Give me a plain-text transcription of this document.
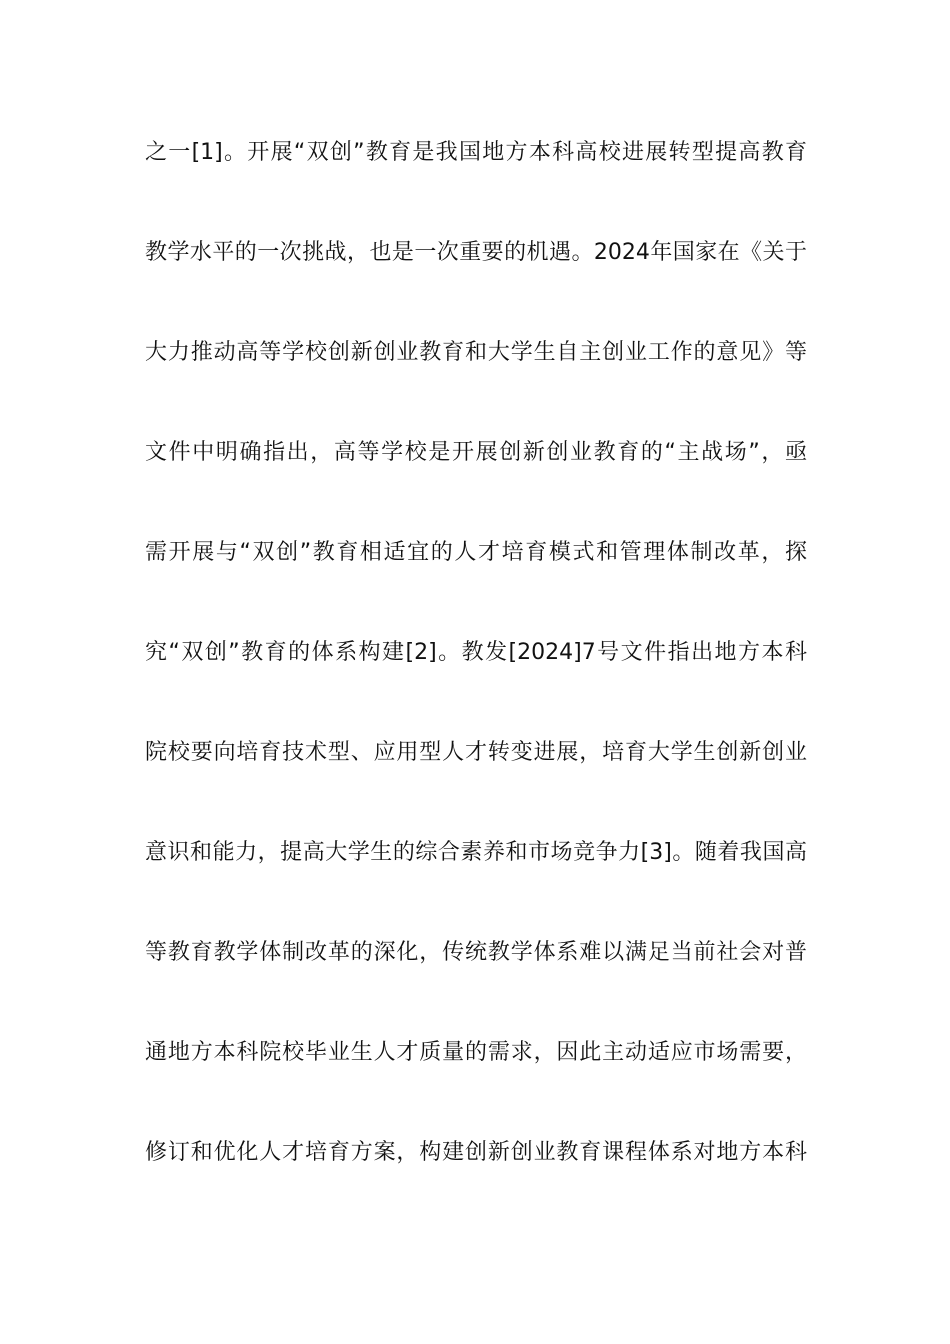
之一[1]。开展“双创”教育是我国地方本科高校进展转型提高教育
教学水平的一次挑战，也是一次重要的机遇。2024年国家在《关于
大力推动高等学校创新创业教育和大学生自主创业工作的意见》等
文件中明确指出，高等学校是开展创新创业教育的“主战场”，亟
需开展与“双创”教育相适宜的人才培育模式和管理体制改革，探
究“双创”教育的体系构建[2]。教发[2024]7号文件指出地方本科
院校要向培育技术型、应用型人才转变进展，培育大学生创新创业
意识和能力，提高大学生的综合素养和市场竞争力[3]。随着我国高
等教育教学体制改革的深化，传统教学体系难以满足当前社会对普
通地方本科院校毕业生人才质量的需求，因此主动适应市场需要，
修订和优化人才培育方案，构建创新创业教育课程体系对地方本科
